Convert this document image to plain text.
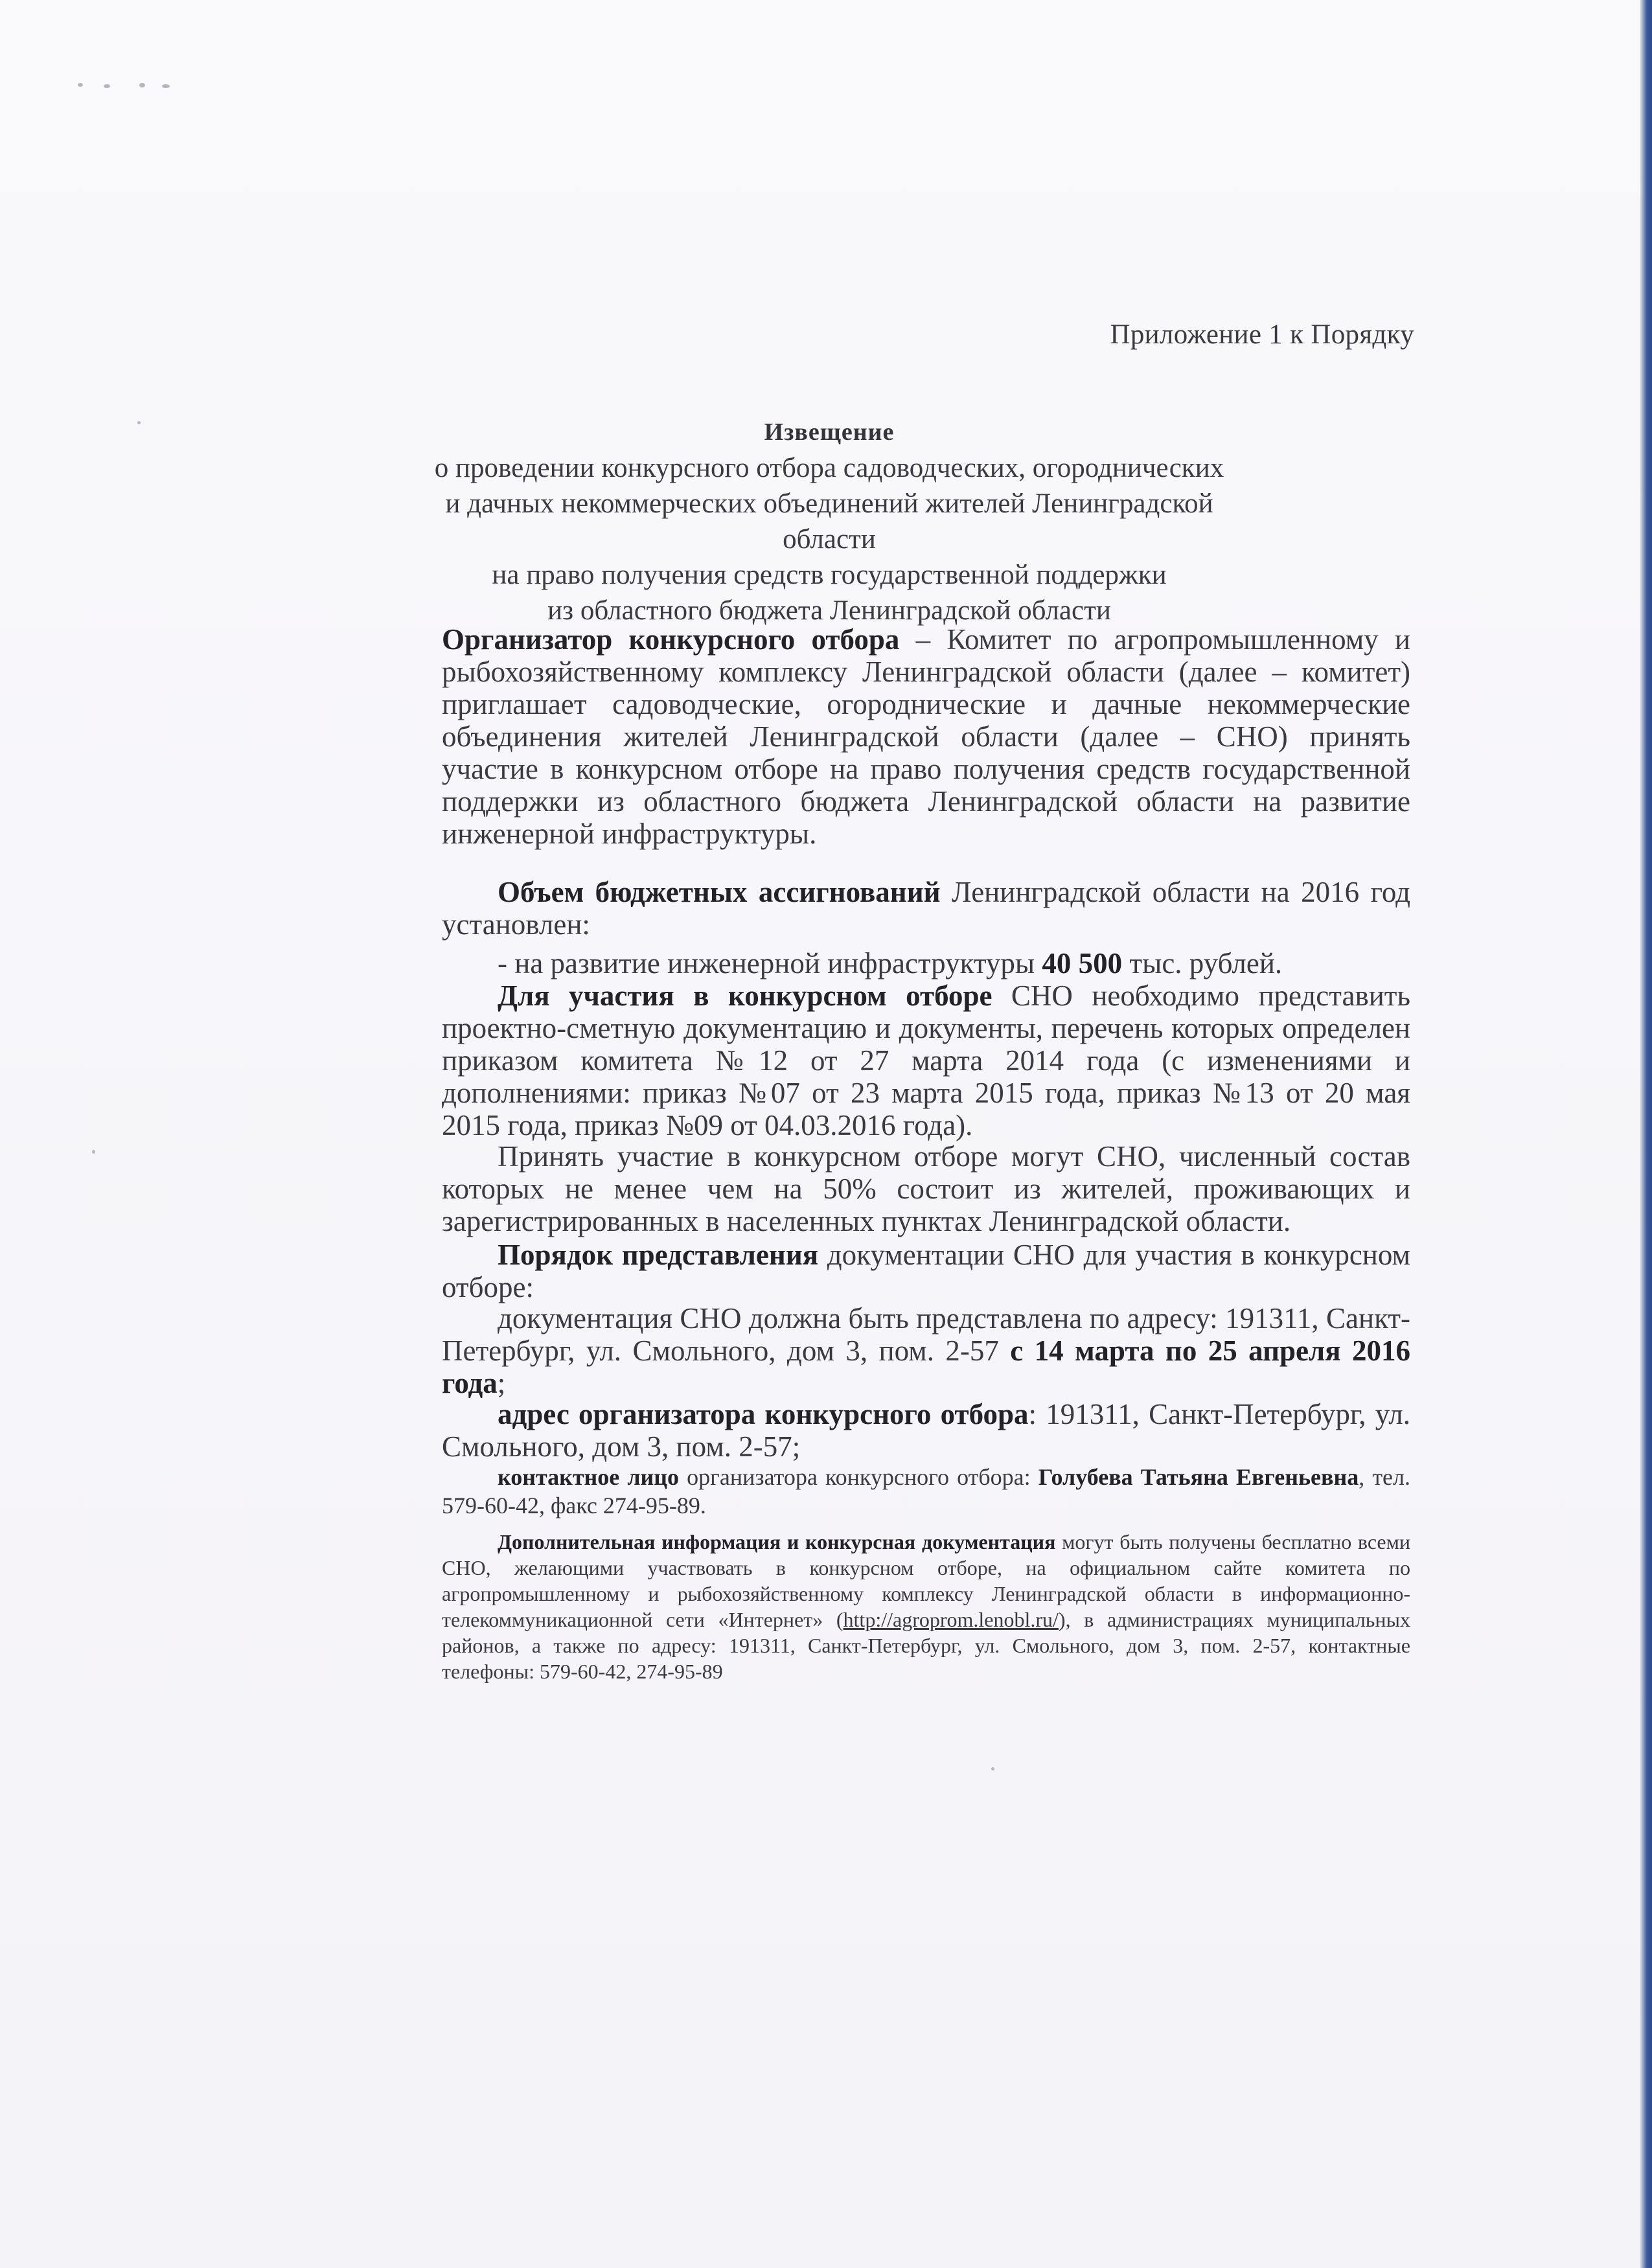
Приложение 1 к Порядку
Извещение
о проведении конкурсного отбора садоводческих, огороднических
и дачных некоммерческих объединений жителей Ленинградской области
на право получения средств государственной поддержки
из областного бюджета Ленинградской области
Организатор конкурсного отбора – Комитет по агропромышленному и рыбохозяйственному комплексу Ленинградской области (далее – комитет) приглашает садоводческие, огороднические и дачные некоммерческие объединения жителей Ленинградской области (далее – СНО) принять участие в конкурсном отборе на право получения средств государственной поддержки из областного бюджета Ленинградской области на развитие инженерной инфраструктуры.
Объем бюджетных ассигнований Ленинградской области на 2016 год установлен:
- на развитие инженерной инфраструктуры 40 500 тыс. рублей.
Для участия в конкурсном отборе СНО необходимо представить проектно-сметную документацию и документы, перечень которых определен приказом комитета №12 от 27 марта 2014 года (с изменениями и дополнениями: приказ №07 от 23 марта 2015 года, приказ №13 от 20 мая 2015 года, приказ №09 от 04.03.2016 года).
Принять участие в конкурсном отборе могут СНО, численный состав которых не менее чем на 50% состоит из жителей, проживающих и зарегистрированных в населенных пунктах Ленинградской области.
Порядок представления документации СНО для участия в конкурсном отборе:
документация СНО должна быть представлена по адресу: 191311, Санкт-Петербург, ул. Смольного, дом 3, пом. 2-57 с 14 марта по 25 апреля 2016 года;
адрес организатора конкурсного отбора: 191311, Санкт-Петербург, ул. Смольного, дом 3, пом. 2-57;
контактное лицо организатора конкурсного отбора: Голубева Татьяна Евгеньевна, тел. 579-60-42, факс 274-95-89.
Дополнительная информация и конкурсная документация могут быть получены бесплатно всеми СНО, желающими участвовать в конкурсном отборе, на официальном сайте комитета по агропромышленному и рыбохозяйственному комплексу Ленинградской области в информационно-телекоммуникационной сети «Интернет» (http://agroprom.lenobl.ru/), в администрациях муниципальных районов, а также по адресу: 191311, Санкт-Петербург, ул. Смольного, дом 3, пом. 2-57, контактные телефоны: 579-60-42, 274-95-89
